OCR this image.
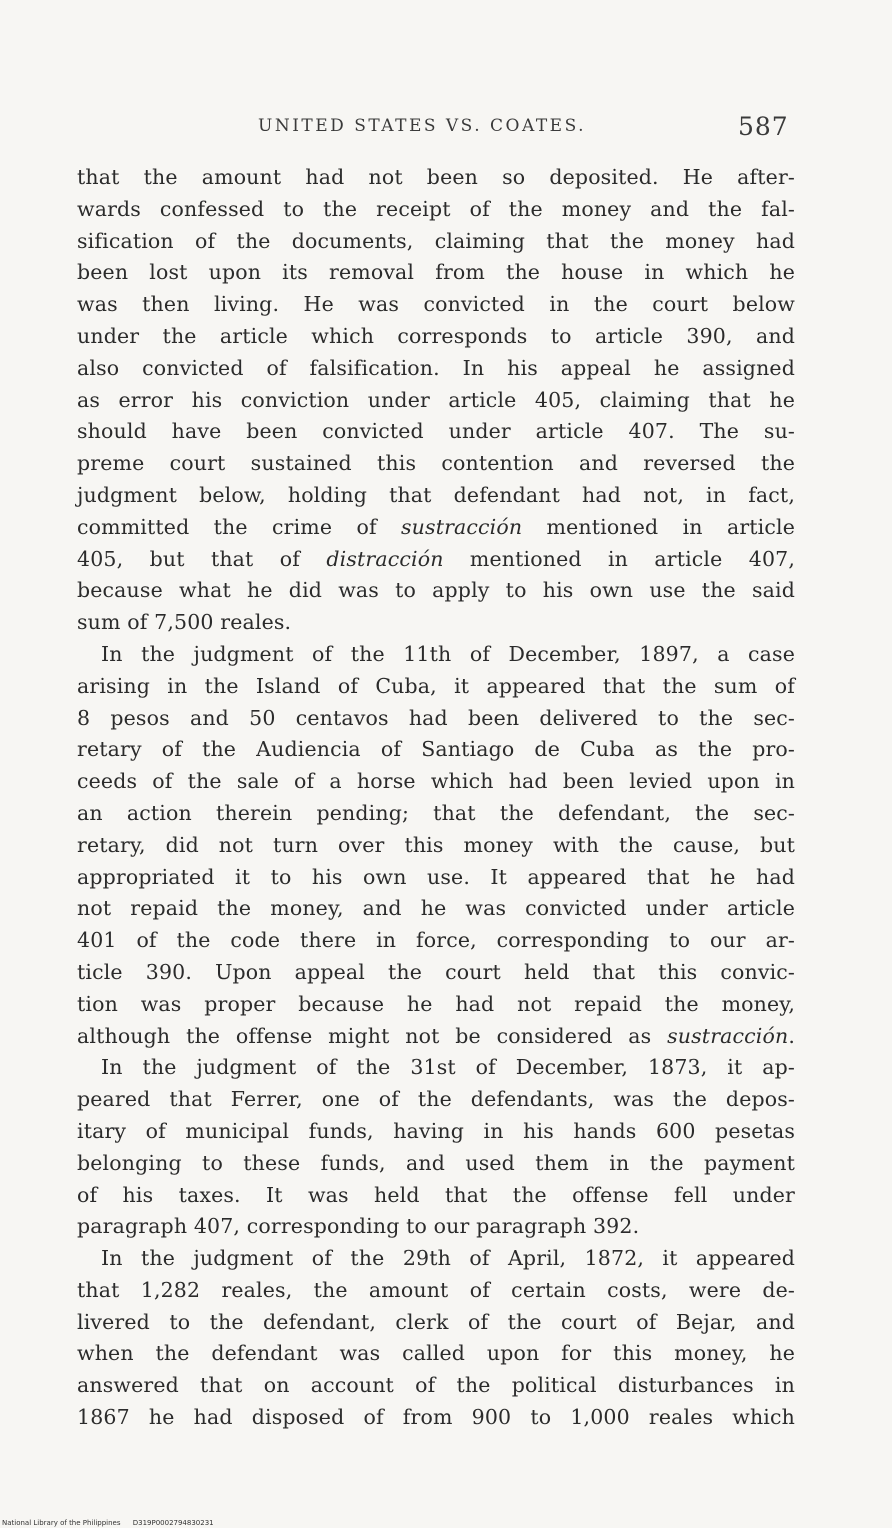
UNITED STATES VS. COATES.	587
that the amount had not been so deposited. He after-
wards confessed to the receipt of the money and the fal-
sification of the documents, claiming that the money had
been lost upon its removal from the house in which he
was then living. He was convicted in the court below
under the article which corresponds to article 390, and
also convicted of falsification. In his appeal he assigned
as error his conviction under article 405, claiming that he
should have been convicted under article 407. The su-
preme court sustained this contention and reversed the
judgment below, holding that defendant had not, in fact,
committed the crime of sustracción mentioned in article
405, but that of distracción mentioned in article 407,
because what he did was to apply to his own use the said
sum of 7,500 reales.
In the judgment of the 11th of December, 1897, a case
arising in the Island of Cuba, it appeared that the sum of
8 pesos and 50 centavos had been delivered to the sec-
retary of the Audiencia of Santiago de Cuba as the pro-
ceeds of the sale of a horse which had been levied upon in
an action therein pending; that the defendant, the sec-
retary, did not turn over this money with the cause, but
appropriated it to his own use. It appeared that he had
not repaid the money, and he was convicted under article
401 of the code there in force, corresponding to our ar-
ticle 390. Upon appeal the court held that this convic-
tion was proper because he had not repaid the money,
although the offense might not be considered as sustracción.
In the judgment of the 31st of December, 1873, it ap-
peared that Ferrer, one of the defendants, was the depos-
itary of municipal funds, having in his hands 600 pesetas
belonging to these funds, and used them in the payment
of his taxes. It was held that the offense fell under
paragraph 407, corresponding to our paragraph 392.
In the judgment of the 29th of April, 1872, it appeared
that 1,282 reales, the amount of certain costs, were de-
livered to the defendant, clerk of the court of Bejar, and
when the defendant was called upon for this money, he
answered that on account of the political disturbances in
1867 he had disposed of from 900 to 1,000 reales which
National Library of the Philippines D319P0002794830231
